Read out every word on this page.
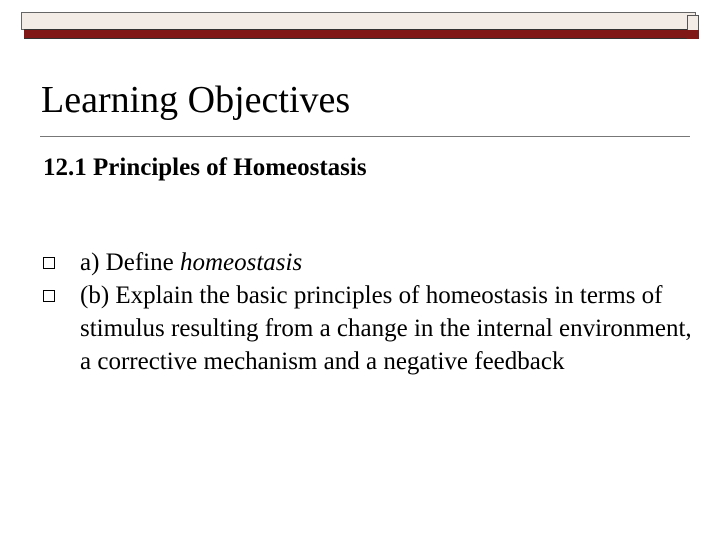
Learning Objectives
12.1 Principles of Homeostasis
a) Define homeostasis
(b) Explain the basic principles of homeostasis in terms of stimulus resulting from a change in the internal environment, a corrective mechanism and a negative feedback
